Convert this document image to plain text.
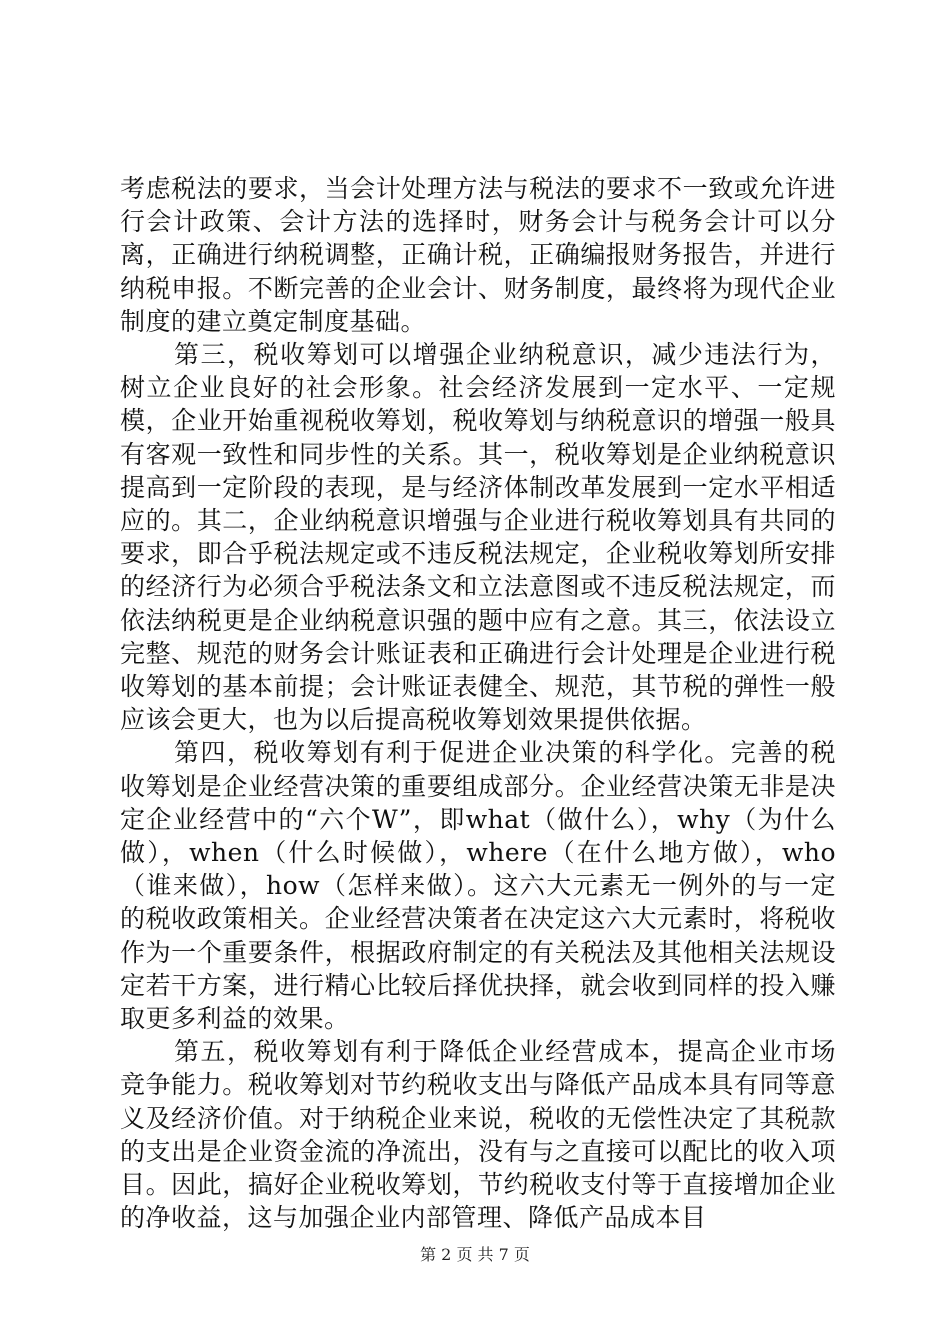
考虑税法的要求，当会计处理方法与税法的要求不一致或允许进行会计政策、会计方法的选择时，财务会计与税务会计可以分离，正确进行纳税调整，正确计税，正确编报财务报告，并进行纳税申报。不断完善的企业会计、财务制度，最终将为现代企业制度的建立奠定制度基础。

第三，税收筹划可以增强企业纳税意识，减少违法行为，树立企业良好的社会形象。社会经济发展到一定水平、一定规模，企业开始重视税收筹划，税收筹划与纳税意识的增强一般具有客观一致性和同步性的关系。其一，税收筹划是企业纳税意识提高到一定阶段的表现，是与经济体制改革发展到一定水平相适应的。其二，企业纳税意识增强与企业进行税收筹划具有共同的要求，即合乎税法规定或不违反税法规定，企业税收筹划所安排的经济行为必须合乎税法条文和立法意图或不违反税法规定，而依法纳税更是企业纳税意识强的题中应有之意。其三，依法设立完整、规范的财务会计账证表和正确进行会计处理是企业进行税收筹划的基本前提；会计账证表健全、规范，其节税的弹性一般应该会更大，也为以后提高税收筹划效果提供依据。

第四，税收筹划有利于促进企业决策的科学化。完善的税收筹划是企业经营决策的重要组成部分。企业经营决策无非是决定企业经营中的“六个W”，即what（做什么），why（为什么做），when（什么时候做），where（在什么地方做），who（谁来做），how（怎样来做）。这六大元素无一例外的与一定的税收政策相关。企业经营决策者在决定这六大元素时，将税收作为一个重要条件，根据政府制定的有关税法及其他相关法规设定若干方案，进行精心比较后择优抉择，就会收到同样的投入赚取更多利益的效果。

第五，税收筹划有利于降低企业经营成本，提高企业市场竞争能力。税收筹划对节约税收支出与降低产品成本具有同等意义及经济价值。对于纳税企业来说，税收的无偿性决定了其税款的支出是企业资金流的净流出，没有与之直接可以配比的收入项目。因此，搞好企业税收筹划，节约税收支付等于直接增加企业的净收益，这与加强企业内部管理、降低产品成本目

第 2 页 共 7 页
